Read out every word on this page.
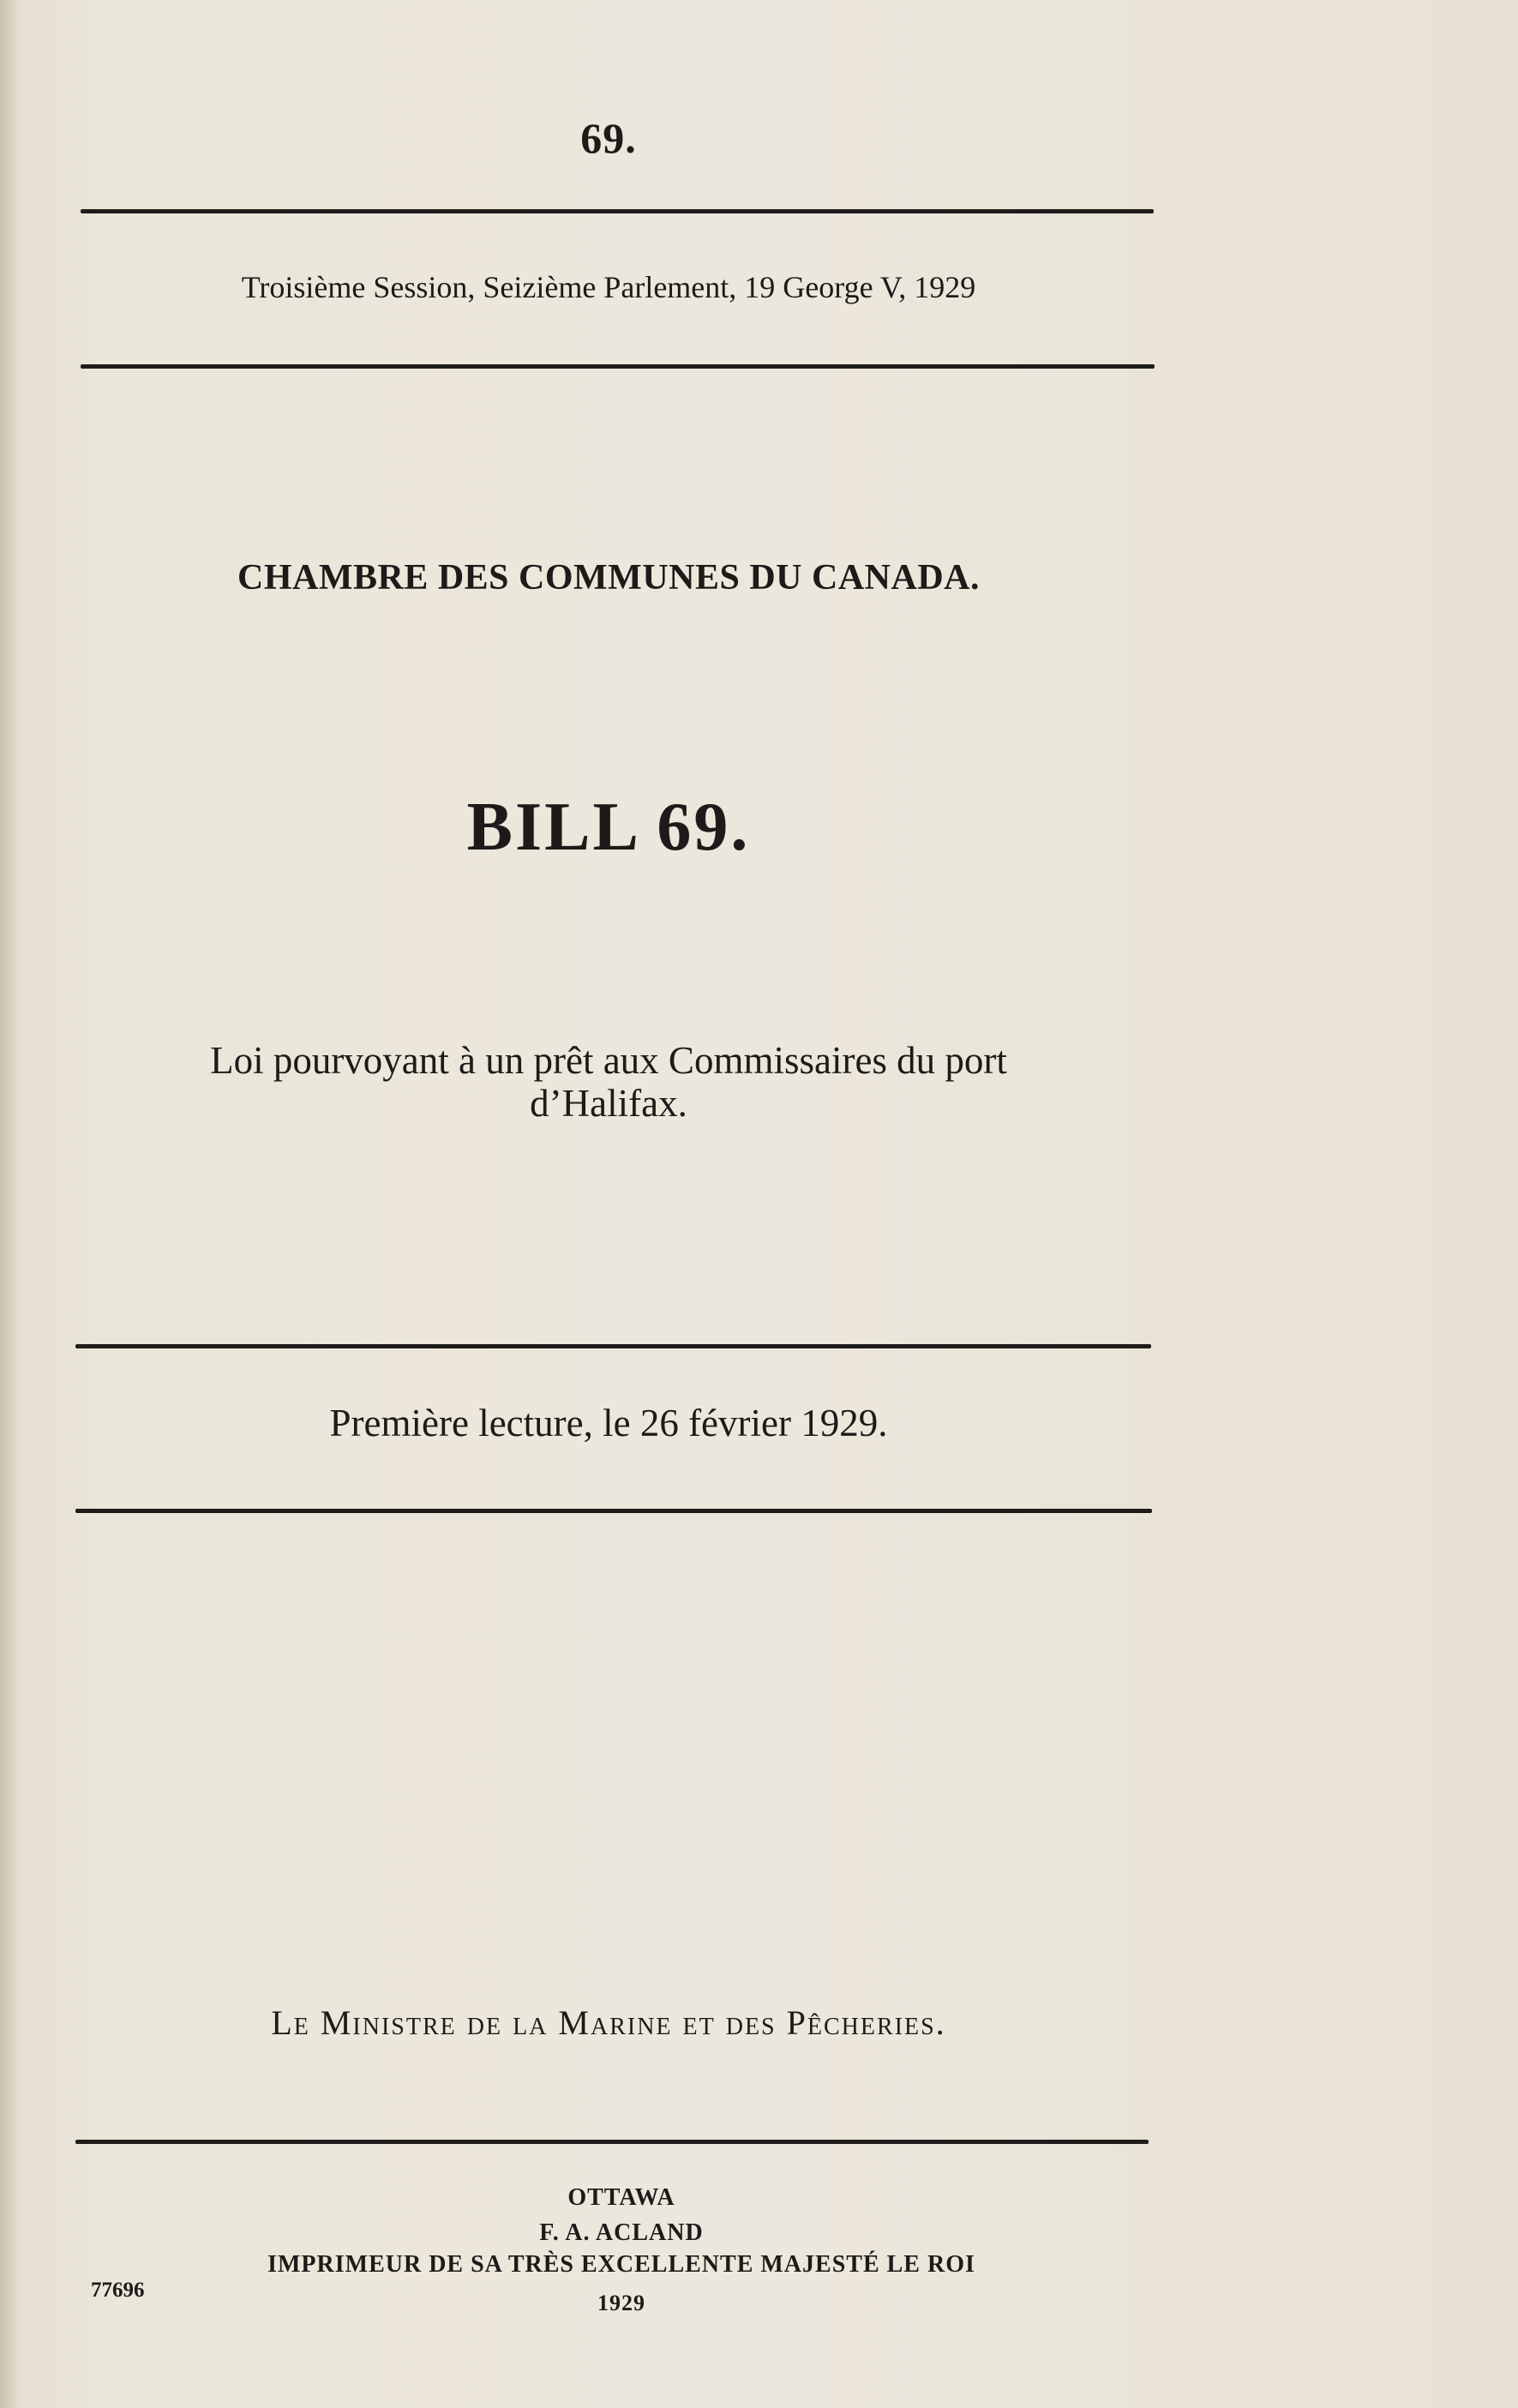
69.
Troisième Session, Seizième Parlement, 19 George V, 1929
CHAMBRE DES COMMUNES DU CANADA.
BILL 69.
Loi pourvoyant à un prêt aux Commissaires du port
d’Halifax.
Première lecture, le 26 février 1929.
Le Ministre de la Marine et des Pêcheries.
OTTAWA
F. A. ACLAND
IMPRIMEUR DE SA TRÈS EXCELLENTE MAJESTÉ LE ROI
1929
77696
